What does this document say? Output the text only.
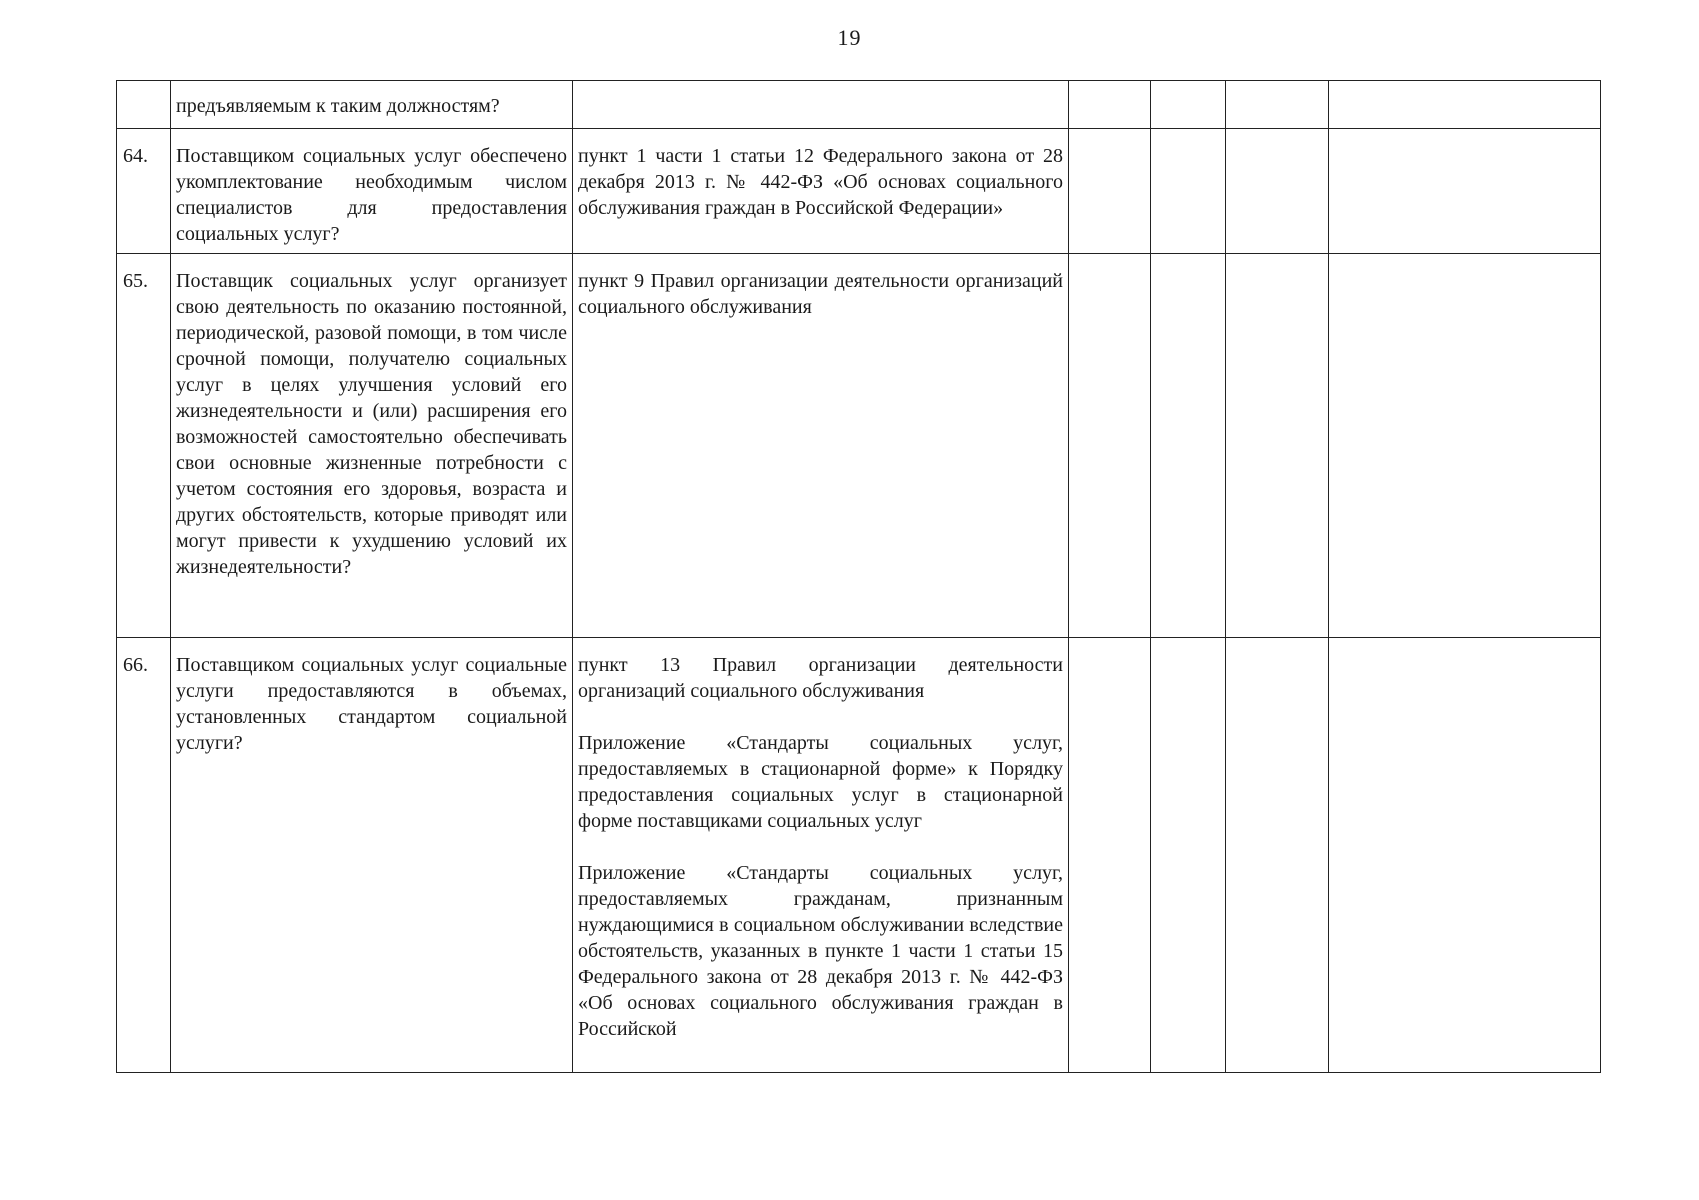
19

	предъявляемым к таким должностям?					

64.	Поставщиком социальных услуг обеспечено укомплектование необходимым числом специалистов для предоставления социальных услуг?	пункт 1 части 1 статьи 12 Федерального закона от 28 декабря 2013 г. № 442-ФЗ «Об основах социального обслуживания граждан в Российской Федерации»				

65.	Поставщик социальных услуг организует свою деятельность по оказанию постоянной, периодической, разовой помощи, в том числе срочной помощи, получателю социальных услуг в целях улучшения условий его жизнедеятельности и (или) расширения его возможностей самостоятельно обеспечивать свои основные жизненные потребности с учетом состояния его здоровья, возраста и других обстоятельств, которые приводят или могут привести к ухудшению условий их жизнедеятельности?	пункт 9 Правил организации деятельности организаций социального обслуживания				

66.	Поставщиком социальных услуг социальные услуги предоставляются в объемах, установленных стандартом социальной услуги?	пункт 13 Правил организации деятельности организаций социального обслуживания

Приложение «Стандарты социальных услуг, предоставляемых в стационарной форме» к Порядку предоставления социальных услуг в стационарной форме поставщиками социальных услуг

Приложение «Стандарты социальных услуг, предоставляемых гражданам, признанным нуждающимися в социальном обслуживании вследствие обстоятельств, указанных в пункте 1 части 1 статьи 15 Федерального закона от 28 декабря 2013 г. № 442-ФЗ «Об основах социального обслуживания граждан в Российской				
